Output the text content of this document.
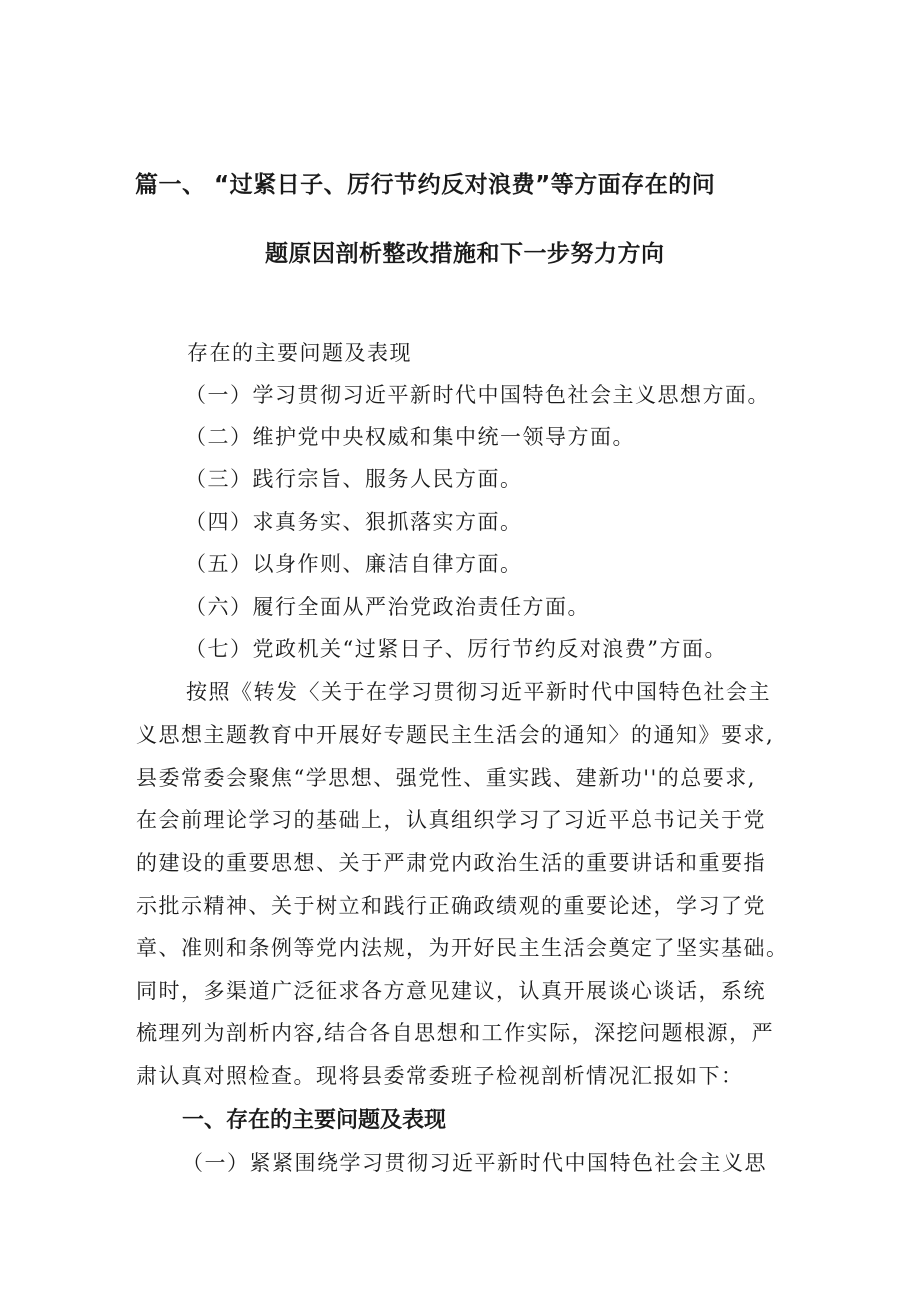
篇一、 “过紧日子、厉行节约反对浪费”等方面存在的问
题原因剖析整改措施和下一步努力方向
存在的主要问题及表现
（一）学习贯彻习近平新时代中国特色社会主义思想方面。
（二）维护党中央权威和集中统一领导方面。
（三）践行宗旨、服务人民方面。
（四）求真务实、狠抓落实方面。
（五）以身作则、廉洁自律方面。
（六）履行全面从严治党政治责任方面。
（七）党政机关“过紧日子、厉行节约反对浪费”方面。
按照《转发〈关于在学习贯彻习近平新时代中国特色社会主
义思想主题教育中开展好专题民主生活会的通知〉的通知》要求,
县委常委会聚焦“学思想、强党性、重实践、建新功''的总要求,
在会前理论学习的基础上，认真组织学习了习近平总书记关于党
的建设的重要思想、关于严肃党内政治生活的重要讲话和重要指
示批示精神、关于树立和践行正确政绩观的重要论述，学习了党
章、准则和条例等党内法规，为开好民主生活会奠定了坚实基础。
同时，多渠道广泛征求各方意见建议，认真开展谈心谈话，系统
梳理列为剖析内容,结合各自思想和工作实际，深挖问题根源，严
肃认真对照检查。现将县委常委班子检视剖析情况汇报如下：
一、存在的主要问题及表现
（一）紧紧围绕学习贯彻习近平新时代中国特色社会主义思
